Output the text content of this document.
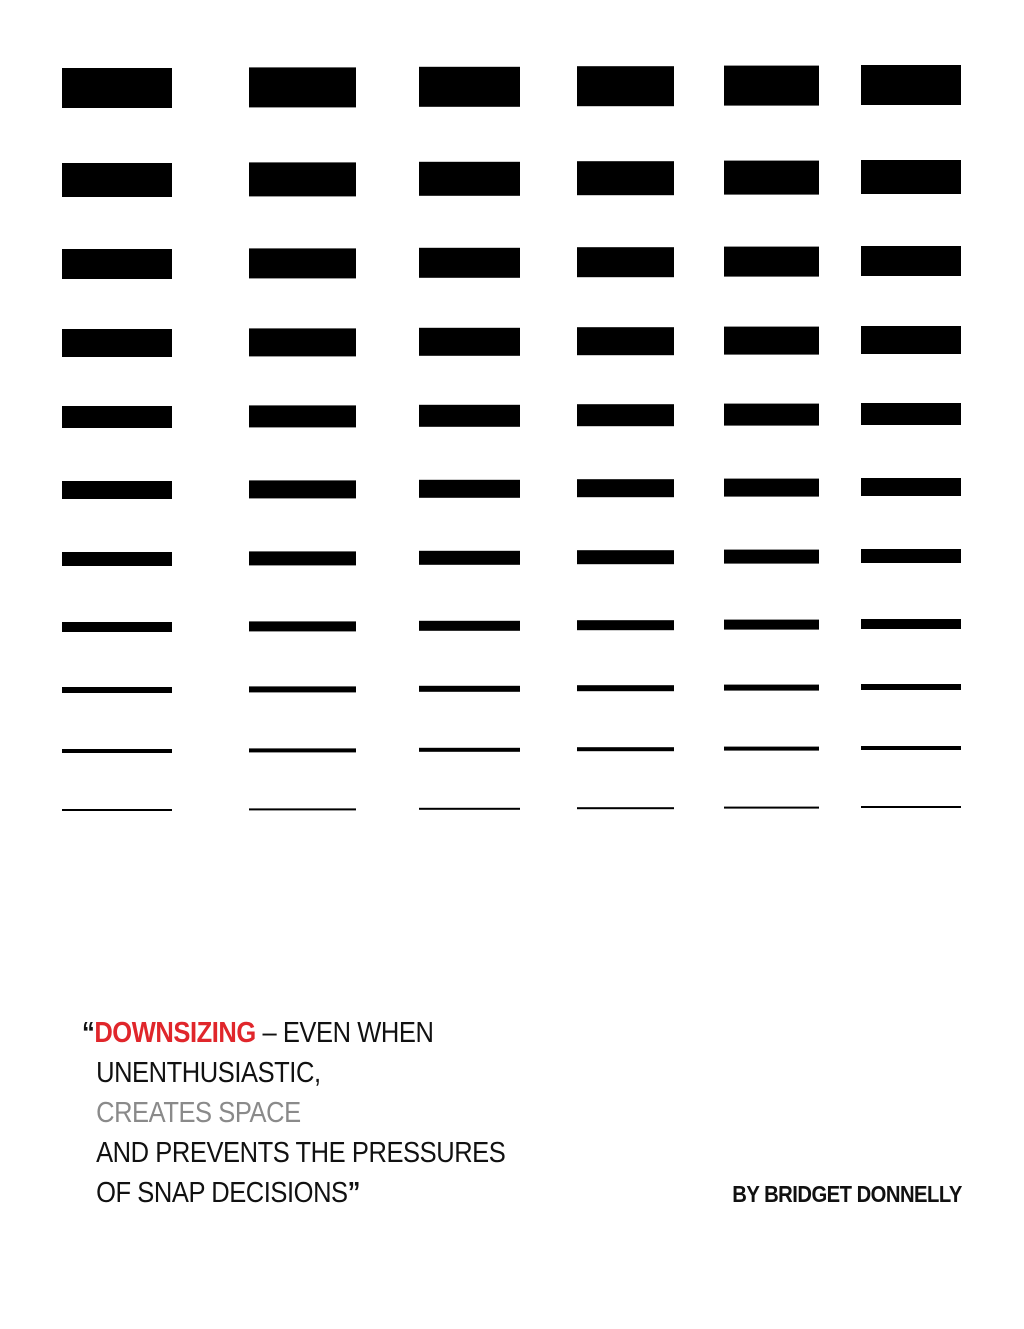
“DOWNSIZING – EVEN WHEN
UNENTHUSIASTIC,
CREATES SPACE
AND PREVENTS THE PRESSURES
OF SNAP DECISIONS”	BY BRIDGET DONNELLY
